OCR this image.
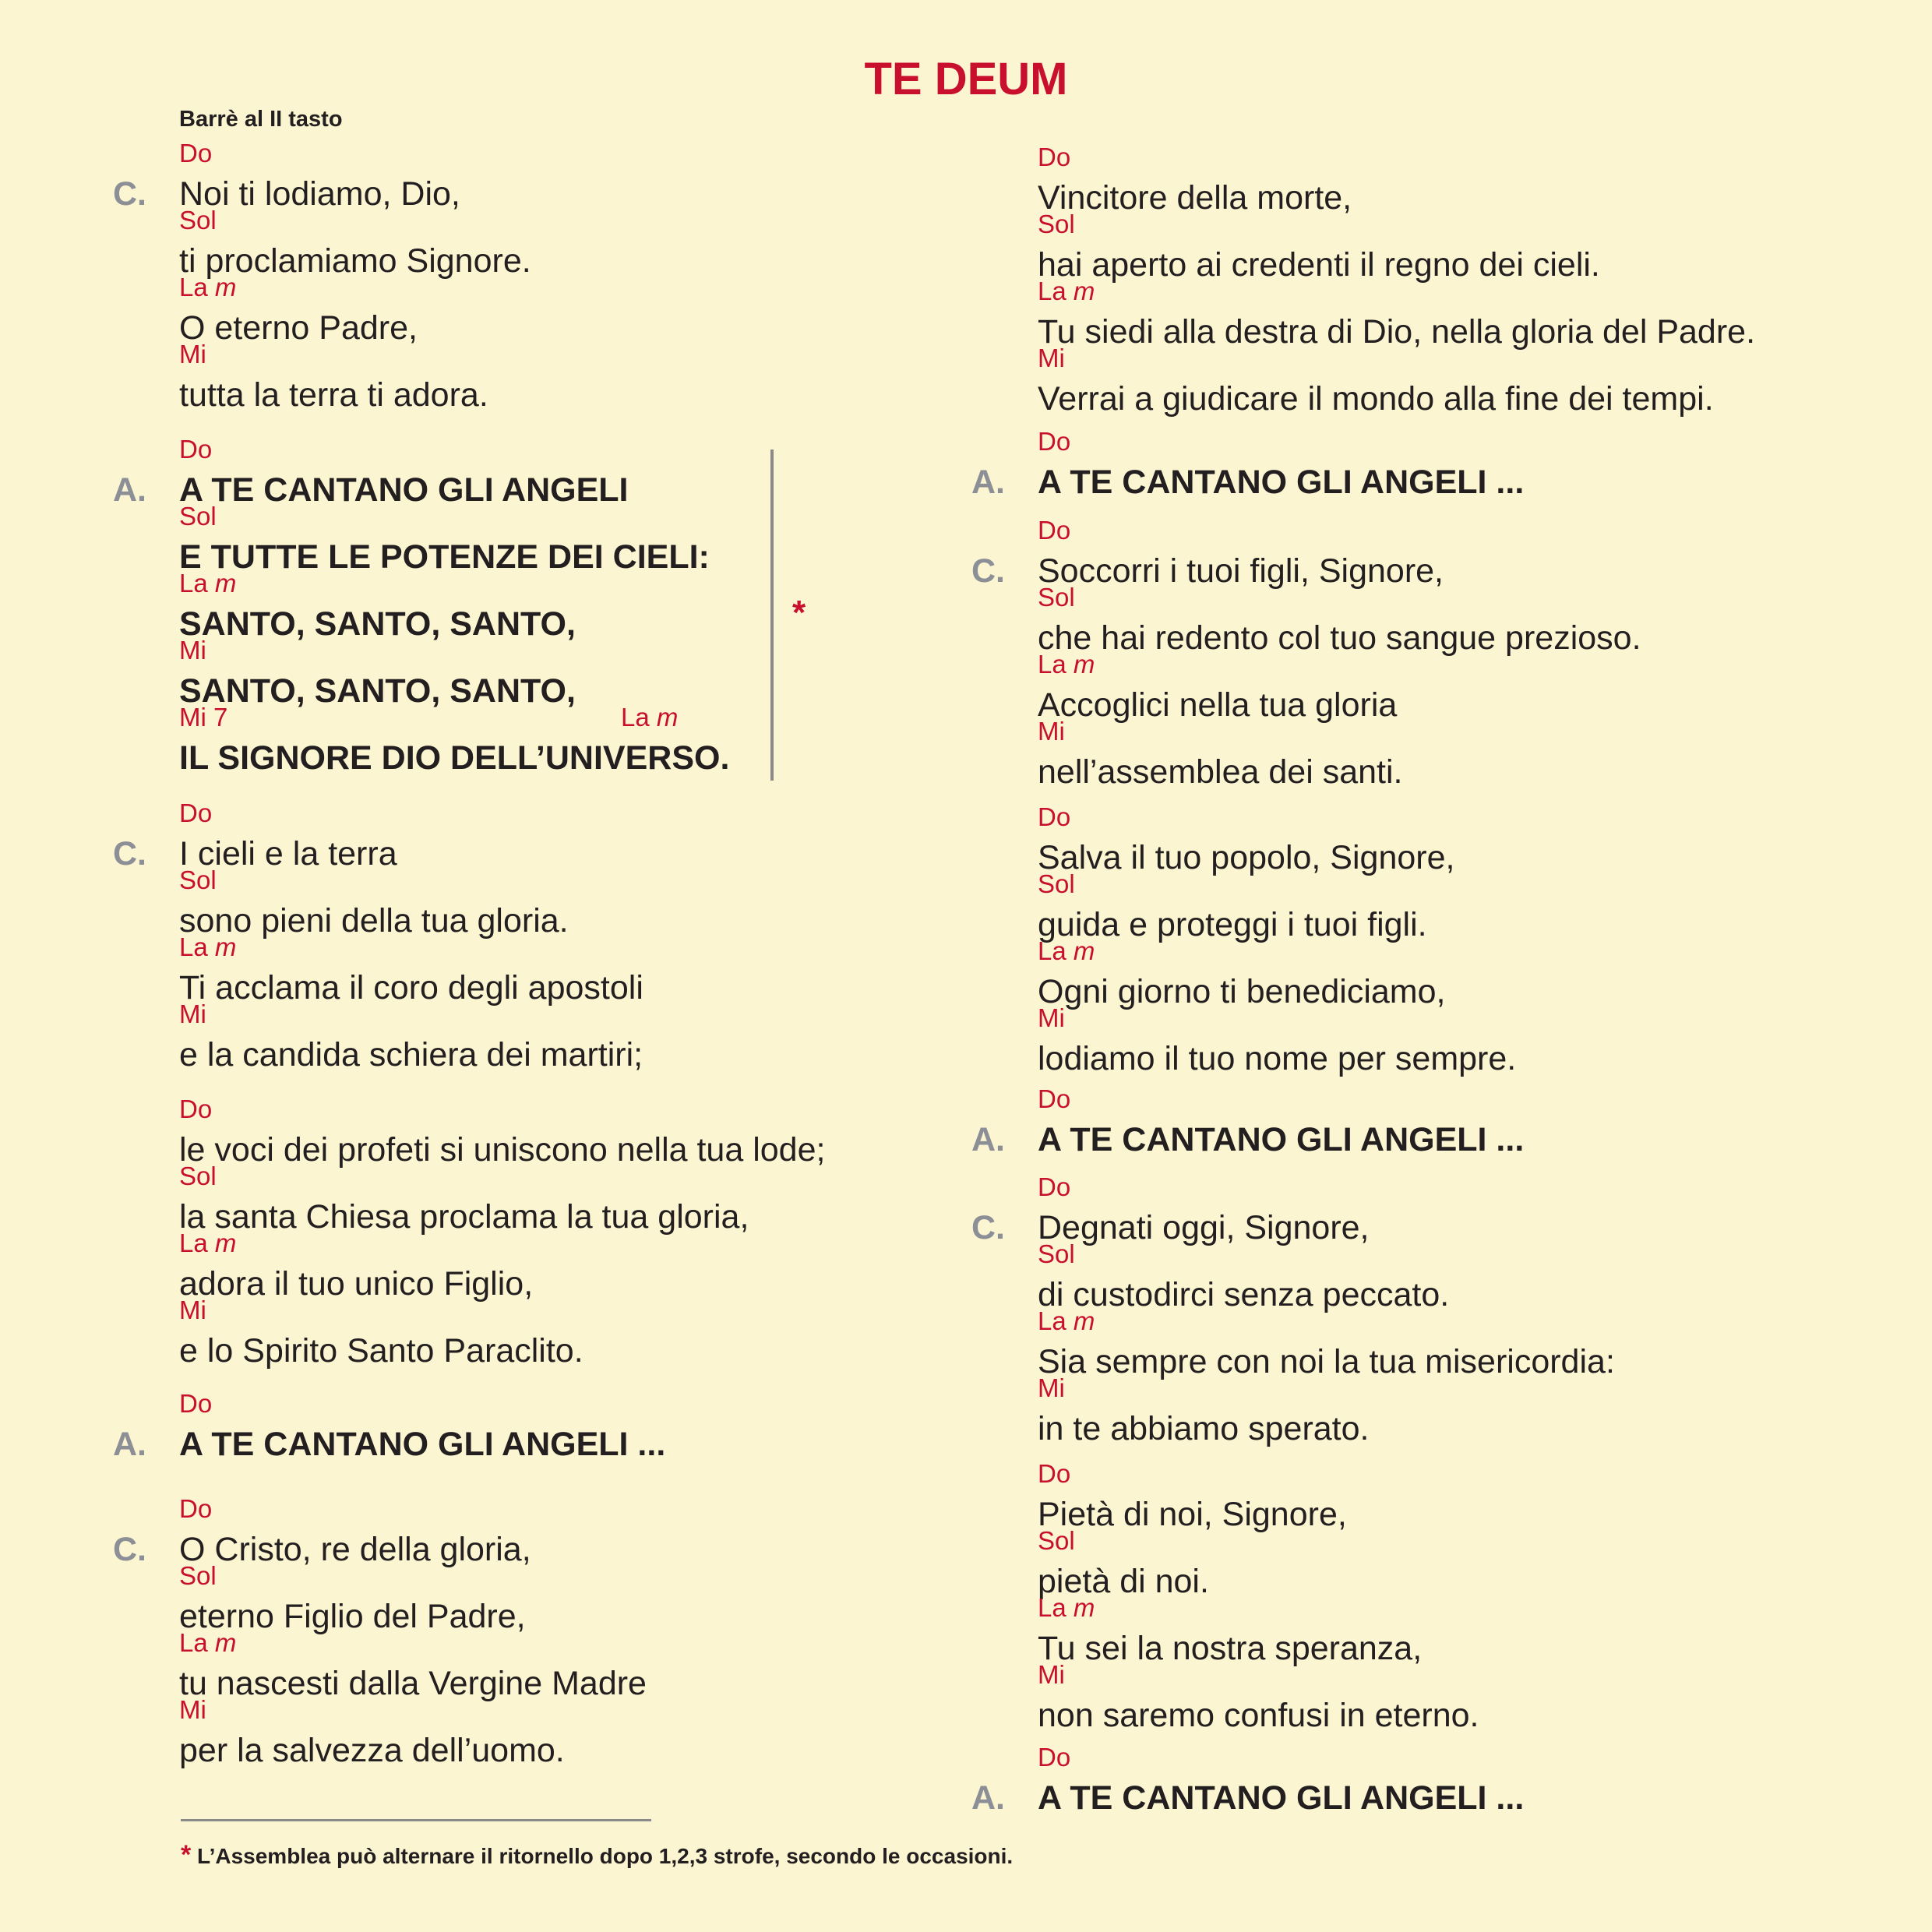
TE DEUM
Barrè al II tasto
C.
Do
Noi ti lodiamo, Dio,
Sol
ti proclamiamo Signore.
La m
O eterno Padre,
Mi
tutta la terra ti adora.
A.
Do
A TE CANTANO GLI ANGELI
Sol
E TUTTE LE POTENZE DEI CIELI:
La m
SANTO, SANTO, SANTO,
Mi
SANTO, SANTO, SANTO,
Mi 7	La m
IL SIGNORE DIO DELL’UNIVERSO.
C.
Do
I cieli e la terra
Sol
sono pieni della tua gloria.
La m
Ti acclama il coro degli apostoli
Mi
e la candida schiera dei martiri;
Do
le voci dei profeti si uniscono nella tua lode;
Sol
la santa Chiesa proclama la tua gloria,
La m
adora il tuo unico Figlio,
Mi
e lo Spirito Santo Paraclito.
A.
Do
A TE CANTANO GLI ANGELI ...
C.
Do
O Cristo, re della gloria,
Sol
eterno Figlio del Padre,
La m
tu nascesti dalla Vergine Madre
Mi
per la salvezza dell’uomo.
Do
Vincitore della morte,
Sol
hai aperto ai credenti il regno dei cieli.
La m
Tu siedi alla destra di Dio, nella gloria del Padre.
Mi
Verrai a giudicare il mondo alla fine dei tempi.
A.
Do
A TE CANTANO GLI ANGELI ...
C.
Do
Soccorri i tuoi figli, Signore,
Sol
che hai redento col tuo sangue prezioso.
La m
Accoglici nella tua gloria
Mi
nell’assemblea dei santi.
Do
Salva il tuo popolo, Signore,
Sol
guida e proteggi i tuoi figli.
La m
Ogni giorno ti benediciamo,
Mi
lodiamo il tuo nome per sempre.
A.
Do
A TE CANTANO GLI ANGELI ...
C.
Do
Degnati oggi, Signore,
Sol
di custodirci senza peccato.
La m
Sia sempre con noi la tua misericordia:
Mi
in te abbiamo sperato.
Do
Pietà di noi, Signore,
Sol
pietà di noi.
La m
Tu sei la nostra speranza,
Mi
non saremo confusi in eterno.
A.
Do
A TE CANTANO GLI ANGELI ...
*
* L’Assemblea può alternare il ritornello dopo 1,2,3 strofe, secondo le occasioni.
